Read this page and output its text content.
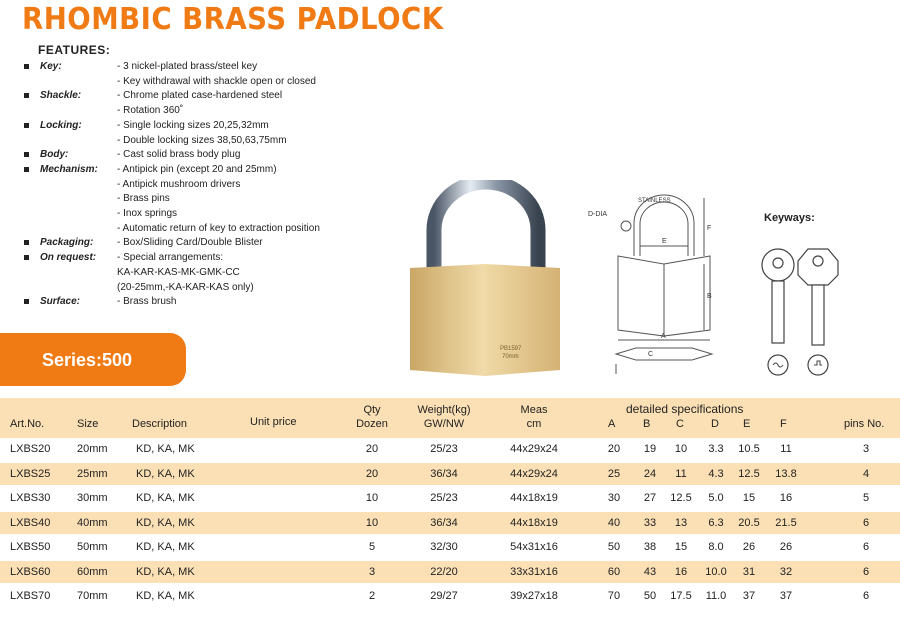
RHOMBIC BRASS PADLOCK
FEATURES:
Key:	- 3 nickel-plated brass/steel key
- Key withdrawal with shackle open or closed
Shackle:	- Chrome plated case-hardened steel
- Rotation 360˚
Locking:	- Single locking sizes 20,25,32mm
- Double locking sizes 38,50,63,75mm
Body:	- Cast solid brass body plug
Mechanism: - Antipick pin (except 20 and 25mm)
- Antipick mushroom drivers
- Brass pins
- Inox springs
- Automatic return of key to extraction position
Packaging: - Box/Sliding Card/Double Blister
On request: - Special arrangements:
KA-KAR-KAS-MK-GMK-CC
(20-25mm,-KA-KAR-KAS only)
Surface:	- Brass brush
Series:500
PB1597
70mm
D-DIA
STAINLESS
E
F
B
A
C
Keyways:
Art.No.	Size	Description	Unit price
Qty
Dozen
Weight(kg)
GW/NW
Meas
cm
detailed specifications
A	B C D E	F	pins No.
LXBS20 20mm	KD, KA, MK	20	25/23	44x29x24	20 19 10 3.3 10.5 11	3
LXBS25 25mm	KD, KA, MK	20	36/34	44x29x24	25 24 11 4.3 12.5 13.8	4
LXBS30 30mm	KD, KA, MK	10	25/23	44x18x19	30 27 12.5 5.0 15 16	5
LXBS40 40mm	KD, KA, MK	10	36/34	44x18x19	40 33 13 6.3 20.5 21.5	6
LXBS50 50mm	KD, KA, MK	5	32/30	54x31x16	50 38 15 8.0 26 26	6
LXBS60 60mm	KD, KA, MK	3	22/20	33x31x16	60 43 16 10.0 31 32	6
LXBS70 70mm	KD, KA, MK	2	29/27	39x27x18	70 50 17.5 11.0 37 37	6
